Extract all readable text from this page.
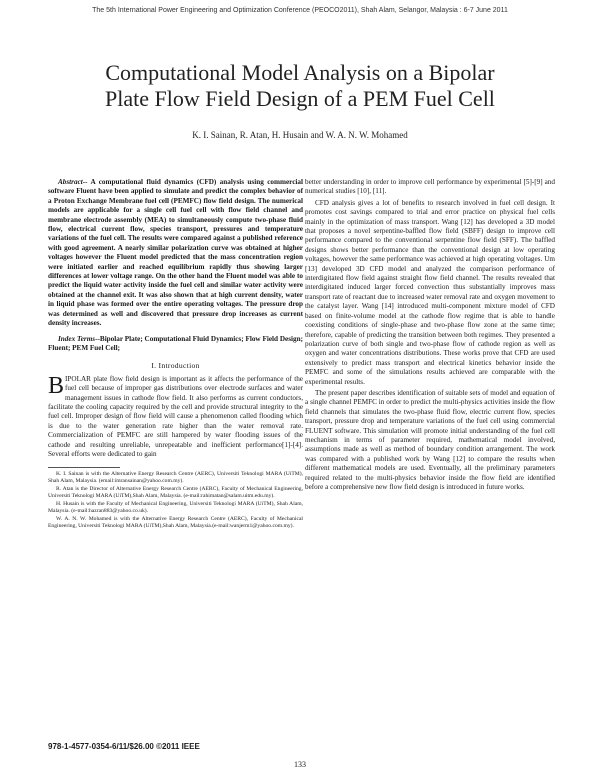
The 5th International Power Engineering and Optimization Conference (PEOCO2011), Shah Alam, Selangor, Malaysia : 6-7 June 2011
Computational Model Analysis on a Bipolar
Plate Flow Field Design of a PEM Fuel Cell
K. I. Sainan, R. Atan, H. Husain and W. A. N. W. Mohamed

Abstract-- A computational fluid dynamics (CFD) analysis using commercial software Fluent have been applied to simulate and predict the complex behavior of a Proton Exchange Membrane fuel cell (PEMFC) flow field design. The numerical models are applicable for a single cell fuel cell with flow field channel and membrane electrode assembly (MEA) to simultaneously compute two-phase fluid flow, electrical current flow, species transport, pressures and temperature variations of the fuel cell. The results were compared against a published reference with good agreement. A nearly similar polarization curve was obtained at higher voltages however the Fluent model predicted that the mass concentration region were initiated earlier and reached equilibrium rapidly thus showing larger differences at lower voltage range. On the other hand the Fluent model was able to predict the liquid water activity inside the fuel cell and similar water activity were obtained at the channel exit. It was also shown that at high current density, water in liquid phase was formed over the entire operating voltages. The pressure drop was determined as well and discovered that pressure drop increases as current density increases.

Index Terms--Bipolar Plate; Computational Fluid Dynamics; Flow Field Design; Fluent; PEM Fuel Cell;

I. Introduction

BIPOLAR plate flow field design is important as it affects the performance of the fuel cell because of improper gas distributions over electrode surfaces and water management issues in cathode flow field. It also performs as current conductors, facilitate the cooling capacity required by the cell and provide structural integrity to the fuel cell. Improper design of flow field will cause a phenomenon called flooding which is due to the water generation rate higher than the water removal rate. Commercialization of PEMFC are still hampered by water flooding issues of the cathode and resulting unreliable, unrepeatable and inefficient performance[1]-[4]. Several efforts were dedicated to gain

K. I. Sainan is with the Alternative Energy Research Centre (AERC), Universiti Teknologi MARA (UiTM), Shah Alam, Malaysia. (email:imransainan@yahoo.com.my).

R. Atan is the Director of Alternative Energy Research Centre (AERC), Faculty of Mechanical Engineering, Universiti Teknologi MARA (UiTM),Shah Alam, Malaysia. (e-mail:rahimatan@salam.uitm.edu.my).

H. Husain is with the Faculty of Mechanical Engineering, Universiti Teknologi MARA (UiTM), Shah Alam, Malaysia. (e-mail:hazran883@yahoo.co.uk).

W. A. N. W. Mohamed is with the Alternative Energy Research Centre (AERC), Faculty of Mechanical Engineering, Universiti Teknologi MARA (UiTM),Shah Alam, Malaysia.(e-mail:wanjerm1@yahoo.com.my).

better understanding in order to improve cell performance by experimental [5]-[9] and numerical studies [10], [11].

CFD analysis gives a lot of benefits to research involved in fuel cell design. It promotes cost savings compared to trial and error practice on physical fuel cells mainly in the optimization of mass transport. Wang [12] has developed a 3D model that proposes a novel serpentine-baffled flow field (SBFF) design to improve cell performance compared to the conventional serpentine flow field (SFF). The baffled designs shows better performance than the conventional design at low operating voltages, however the same performance was achieved at high operating voltages. Um [13] developed 3D CFD model and analyzed the comparison performance of interdigitated flow field against straight flow field channel. The results revealed that interdigitated induced larger forced convection thus substantially improves mass transport rate of reactant due to increased water removal rate and oxygen movement to the catalyst layer. Wang [14] introduced multi-component mixture model of CFD based on finite-volume model at the cathode flow regime that is able to handle coexisting conditions of single-phase and two-phase flow zone at the same time; therefore, capable of predicting the transition between both regimes. They presented a polarization curve of both single and two-phase flow of cathode region as well as oxygen and water concentrations distributions. These works prove that CFD are used extensively to predict mass transport and electrical kinetics behavior inside the PEMFC and some of the simulations results achieved are comparable with the experimental results.

The present paper describes identification of suitable sets of model and equation of a single channel PEMFC in order to predict the multi-physics activities inside the flow field channels that simulates the two-phase fluid flow, electric current flow, species transport, pressure drop and temperature variations of the fuel cell using commercial FLUENT software. This simulation will promote initial understanding of the fuel cell mechanism in terms of parameter required, mathematical model involved, assumptions made as well as method of boundary condition arrangement. The work was compared with a published work by Wang [12] to compare the results when different mathematical models are used. Eventually, all the preliminary parameters required related to the multi-physics behavior inside the flow field are identified before a comprehensive new flow field design is introduced in future works.

978-1-4577-0354-6/11/$26.00 ©2011 IEEE
133
